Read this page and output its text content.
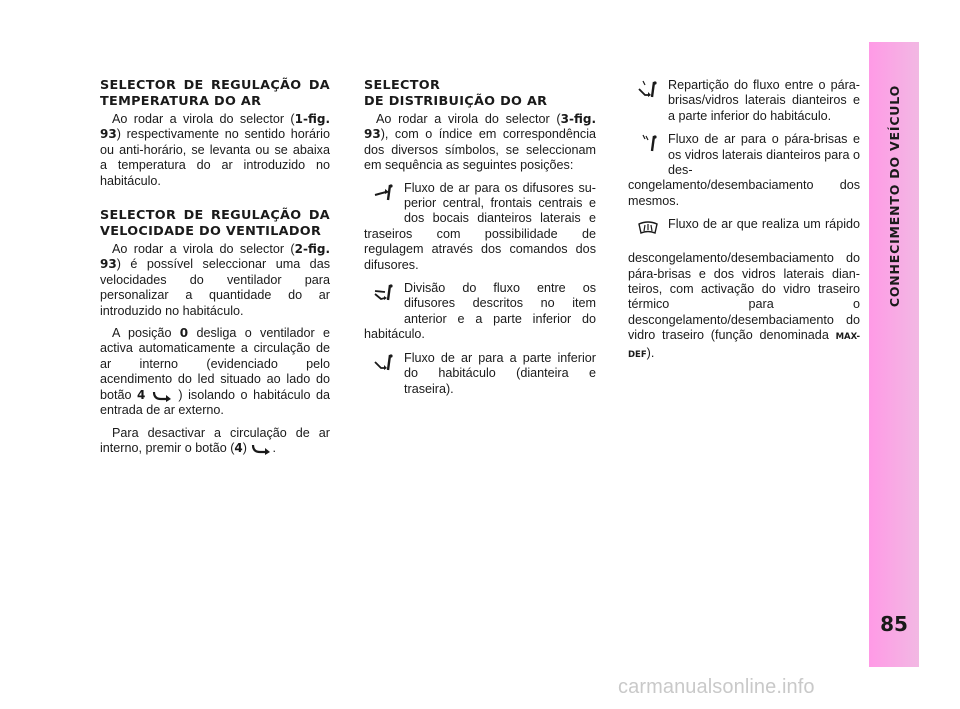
SELECTOR DE REGULAÇÃO DA TEMPERATURA DO AR

Ao rodar a virola do selector (1-fig. 93) respectivamente no sentido horário ou anti-horário, se levanta ou se abaixa a temperatura do ar introduzido no habitáculo.

SELECTOR DE REGULAÇÃO DA VELOCIDADE DO VENTILADOR

Ao rodar a virola do selector (2-fig. 93) é possível seleccionar uma das velocidades do ventilador para personalizar a quantidade do ar introduzido no habitáculo.

A posição 0 desliga o ventilador e activa automaticamente a circulação de ar interno (evidenciado pelo acendimento do led situado ao lado do botão 4	) isolando o habitáculo da entrada de ar externo.

Para desactivar a circulação de ar interno, premir o botão (4) .

SELECTOR
DE DISTRIBUIÇÃO DO AR

Ao rodar a virola do selector (3-fig. 93), com o índice em correspondência dos diversos símbolos, se seleccionam em sequência as seguintes posições:

Fluxo de ar para os difusores superior central, frontais centrais e dos bocais dianteiros laterais e traseiros com possibilidade de regulagem através dos comandos dos difusores.

Divisão do fluxo entre os difusores descritos no item anterior e a parte inferior do habitáculo.

Fluxo de ar para a parte inferior do habitáculo (dianteira e traseira).

Repartição do fluxo entre o párabrisas/vidros laterais dianteiros e a parte inferior do habitáculo.

Fluxo de ar para o pára-brisas e os vidros laterais dianteiros para o descongelamento/desembaciamento dos mesmos.

Fluxo de ar que realiza um rápido descongelamento/desembaciamento do pára-brisas e dos vidros laterais dianteiros, com activação do vidro traseiro térmico para o descongelamento/desembaciamento do vidro traseiro (função denominada MAX-DEF).

CONHECIMENTO DO VEÍCULO
85
carmanualsonline.info
